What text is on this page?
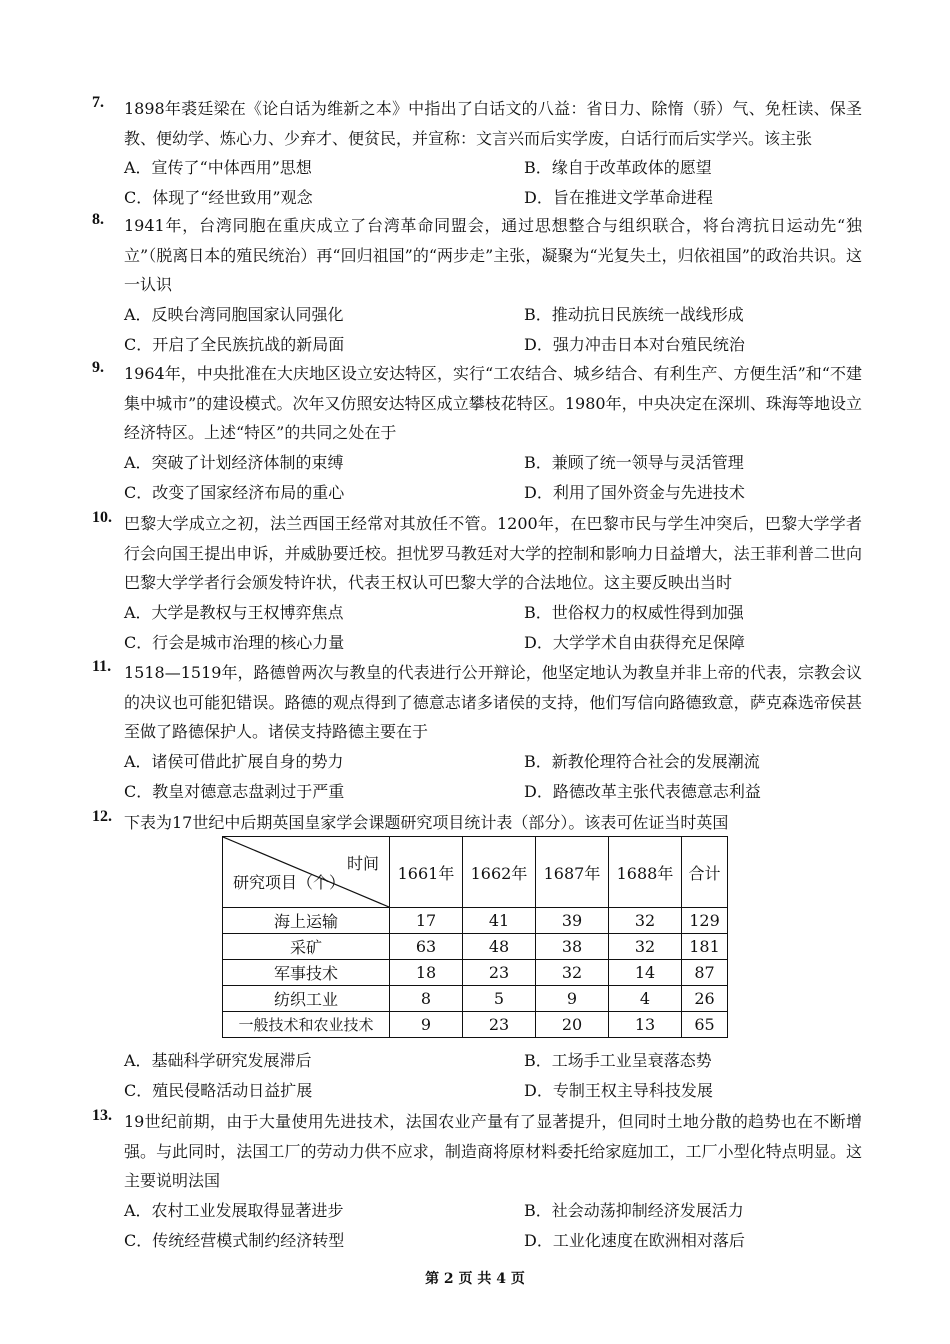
7. 1898年裘廷梁在《论白话为维新之本》中指出了白话文的八益：省日力、除惰（骄）气、免枉读、保圣教、便幼学、炼心力、少弃才、便贫民，并宣称：文言兴而后实学废，白话行而后实学兴。该主张
A．宣传了“中体西用”思想	B．缘自于改革政体的愿望
C．体现了“经世致用”观念	D．旨在推进文学革命进程
8. 1941年，台湾同胞在重庆成立了台湾革命同盟会，通过思想整合与组织联合，将台湾抗日运动先“独立”（脱离日本的殖民统治）再“回归祖国”的“两步走”主张，凝聚为“光复失土，归依祖国”的政治共识。这一认识
A．反映台湾同胞国家认同强化	B．推动抗日民族统一战线形成
C．开启了全民族抗战的新局面	D．强力冲击日本对台殖民统治
9. 1964年，中央批准在大庆地区设立安达特区，实行“工农结合、城乡结合、有利生产、方便生活”和“不建集中城市”的建设模式。次年又仿照安达特区成立攀枝花特区。1980年，中央决定在深圳、珠海等地设立经济特区。上述“特区”的共同之处在于
A．突破了计划经济体制的束缚	B．兼顾了统一领导与灵活管理
C．改变了国家经济布局的重心	D．利用了国外资金与先进技术
10. 巴黎大学成立之初，法兰西国王经常对其放任不管。1200年，在巴黎市民与学生冲突后，巴黎大学学者行会向国王提出申诉，并威胁要迁校。担忧罗马教廷对大学的控制和影响力日益增大，法王菲利普二世向巴黎大学学者行会颁发特许状，代表王权认可巴黎大学的合法地位。这主要反映出当时
A．大学是教权与王权博弈焦点	B．世俗权力的权威性得到加强
C．行会是城市治理的核心力量	D．大学学术自由获得充足保障
11. 1518—1519年，路德曾两次与教皇的代表进行公开辩论，他坚定地认为教皇并非上帝的代表，宗教会议的决议也可能犯错误。路德的观点得到了德意志诸多诸侯的支持，他们写信向路德致意，萨克森选帝侯甚至做了路德保护人。诸侯支持路德主要在于
A．诸侯可借此扩展自身的势力	B．新教伦理符合社会的发展潮流
C．教皇对德意志盘剥过于严重	D．路德改革主张代表德意志利益
12. 下表为17世纪中后期英国皇家学会课题研究项目统计表（部分）。该表可佐证当时英国
时间
研究项目（个）	1661年	1662年	1687年	1688年	合计
海上运输	17	41	39	32	129
采矿	63	48	38	32	181
军事技术	18	23	32	14	87
纺织工业	8	5	9	4	26
一般技术和农业技术	9	23	20	13	65
A．基础科学研究发展滞后	B．工场手工业呈衰落态势
C．殖民侵略活动日益扩展	D．专制王权主导科技发展
13. 19世纪前期，由于大量使用先进技术，法国农业产量有了显著提升，但同时土地分散的趋势也在不断增强。与此同时，法国工厂的劳动力供不应求，制造商将原材料委托给家庭加工，工厂小型化特点明显。这主要说明法国
A．农村工业发展取得显著进步	B．社会动荡抑制经济发展活力
C．传统经营模式制约经济转型	D．工业化速度在欧洲相对落后
第 2 页 共 4 页
